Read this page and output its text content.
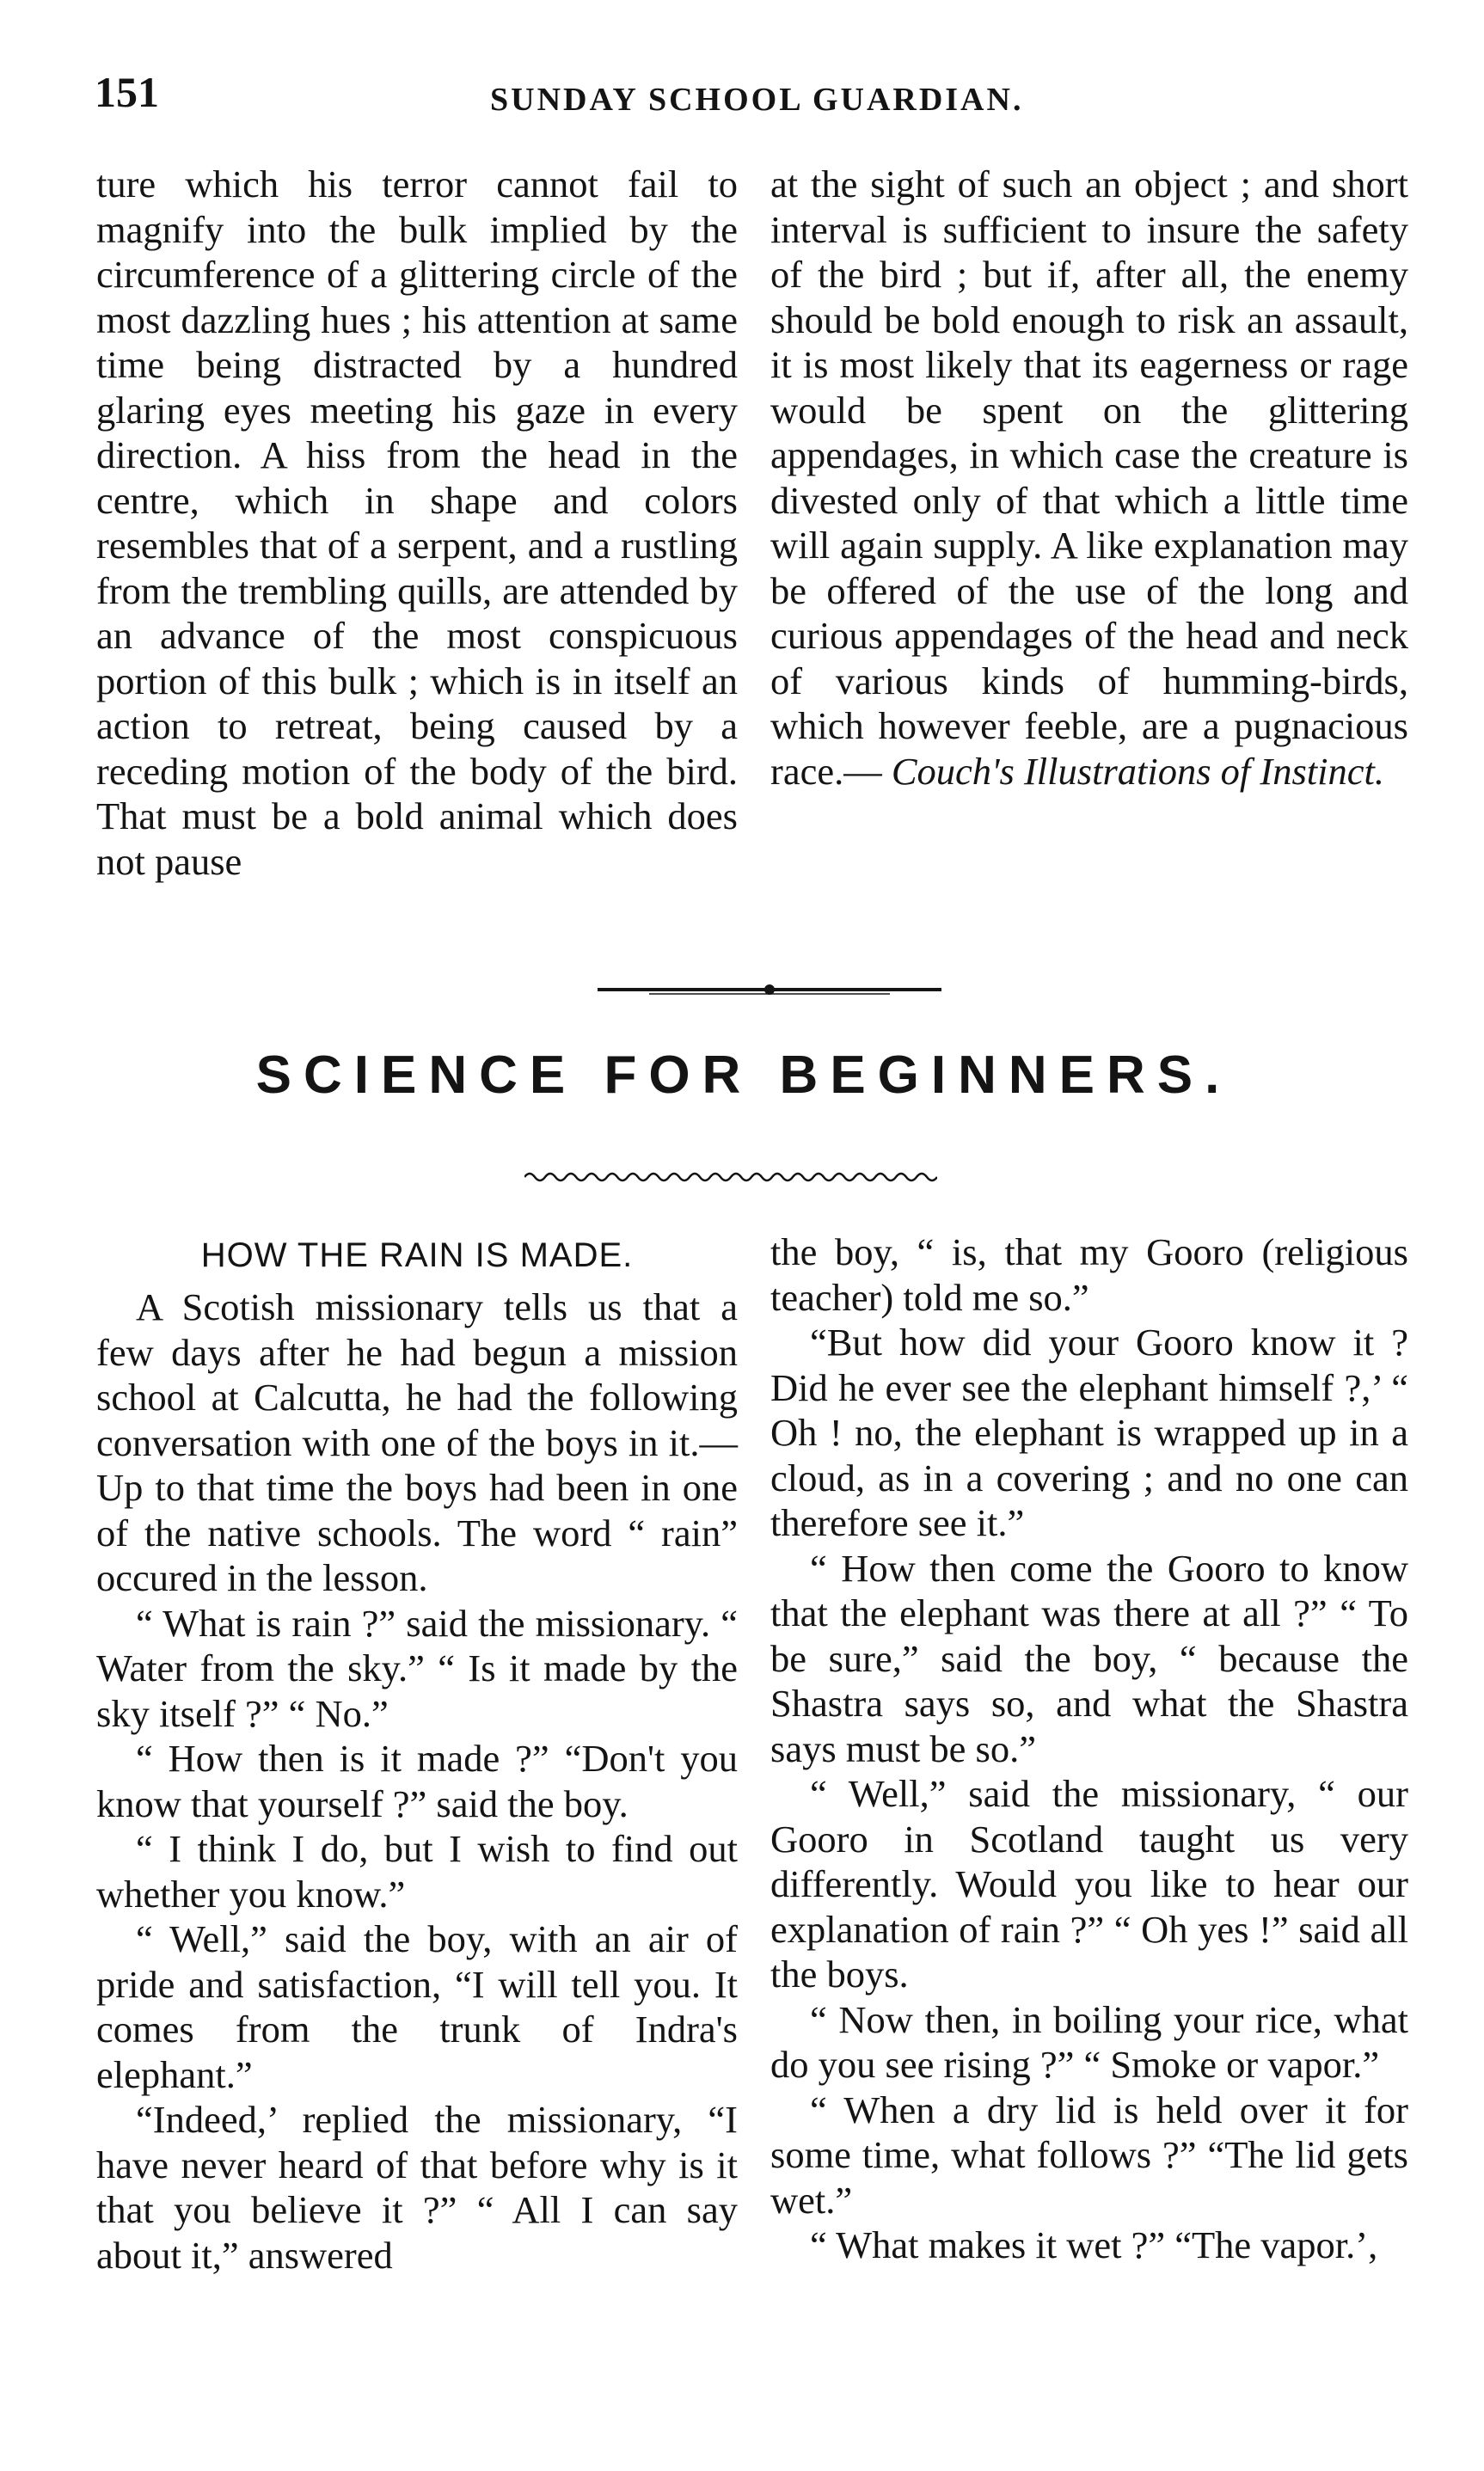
151	SUNDAY SCHOOL GUARDIAN.

ture which his terror cannot fail to magnify into the bulk implied by the circumference of a glittering circle of the most dazzling hues ; his attention at same time being distracted by a hundred glaring eyes meeting his gaze in every direction. A hiss from the head in the centre, which in shape and colors resembles that of a serpent, and a rustling from the trembling quills, are attended by an advance of the most conspicuous portion of this bulk ; which is in itself an action to retreat, being caused by a receding motion of the body of the bird. That must be a bold animal which does not pause

at the sight of such an object ; and short interval is sufficient to insure the safety of the bird ; but if, after all, the enemy should be bold enough to risk an assault, it is most likely that its eagerness or rage would be spent on the glittering appendages, in which case the creature is divested only of that which a little time will again supply. A like explanation may be offered of the use of the long and curious appendages of the head and neck of various kinds of humming-birds, which however feeble, are a pugnacious race.— Couch's Illustrations of Instinct.

SCIENCE FOR BEGINNERS.

HOW THE RAIN IS MADE.

A Scotish missionary tells us that a few days after he had begun a mission school at Calcutta, he had the following conversation with one of the boys in it.—Up to that time the boys had been in one of the native schools. The word “ rain” occured in the lesson.

“ What is rain ?” said the missionary. “ Water from the sky.” “ Is it made by the sky itself ?” “ No.”

“ How then is it made ?” “Don't you know that yourself ?” said the boy.

“ I think I do, but I wish to find out whether you know.”

“ Well,” said the boy, with an air of pride and satisfaction, “I will tell you. It comes from the trunk of Indra's elephant.”

“Indeed,’ replied the missionary, “I have never heard of that before why is it that you believe it ?” “ All I can say about it,” answered

the boy, “ is, that my Gooro (religious teacher) told me so.”

“But how did your Gooro know it ? Did he ever see the elephant himself ?,’ “ Oh ! no, the elephant is wrapped up in a cloud, as in a covering ; and no one can therefore see it.”

“ How then come the Gooro to know that the elephant was there at all ?” “ To be sure,” said the boy, “ because the Shastra says so, and what the Shastra says must be so.”

“ Well,” said the missionary, “ our Gooro in Scotland taught us very differently. Would you like to hear our explanation of rain ?” “ Oh yes !” said all the boys.

“ Now then, in boiling your rice, what do you see rising ?” “ Smoke or vapor.”

“ When a dry lid is held over it for some time, what follows ?” “The lid gets wet.”

“ What makes it wet ?” “The vapor.’,
